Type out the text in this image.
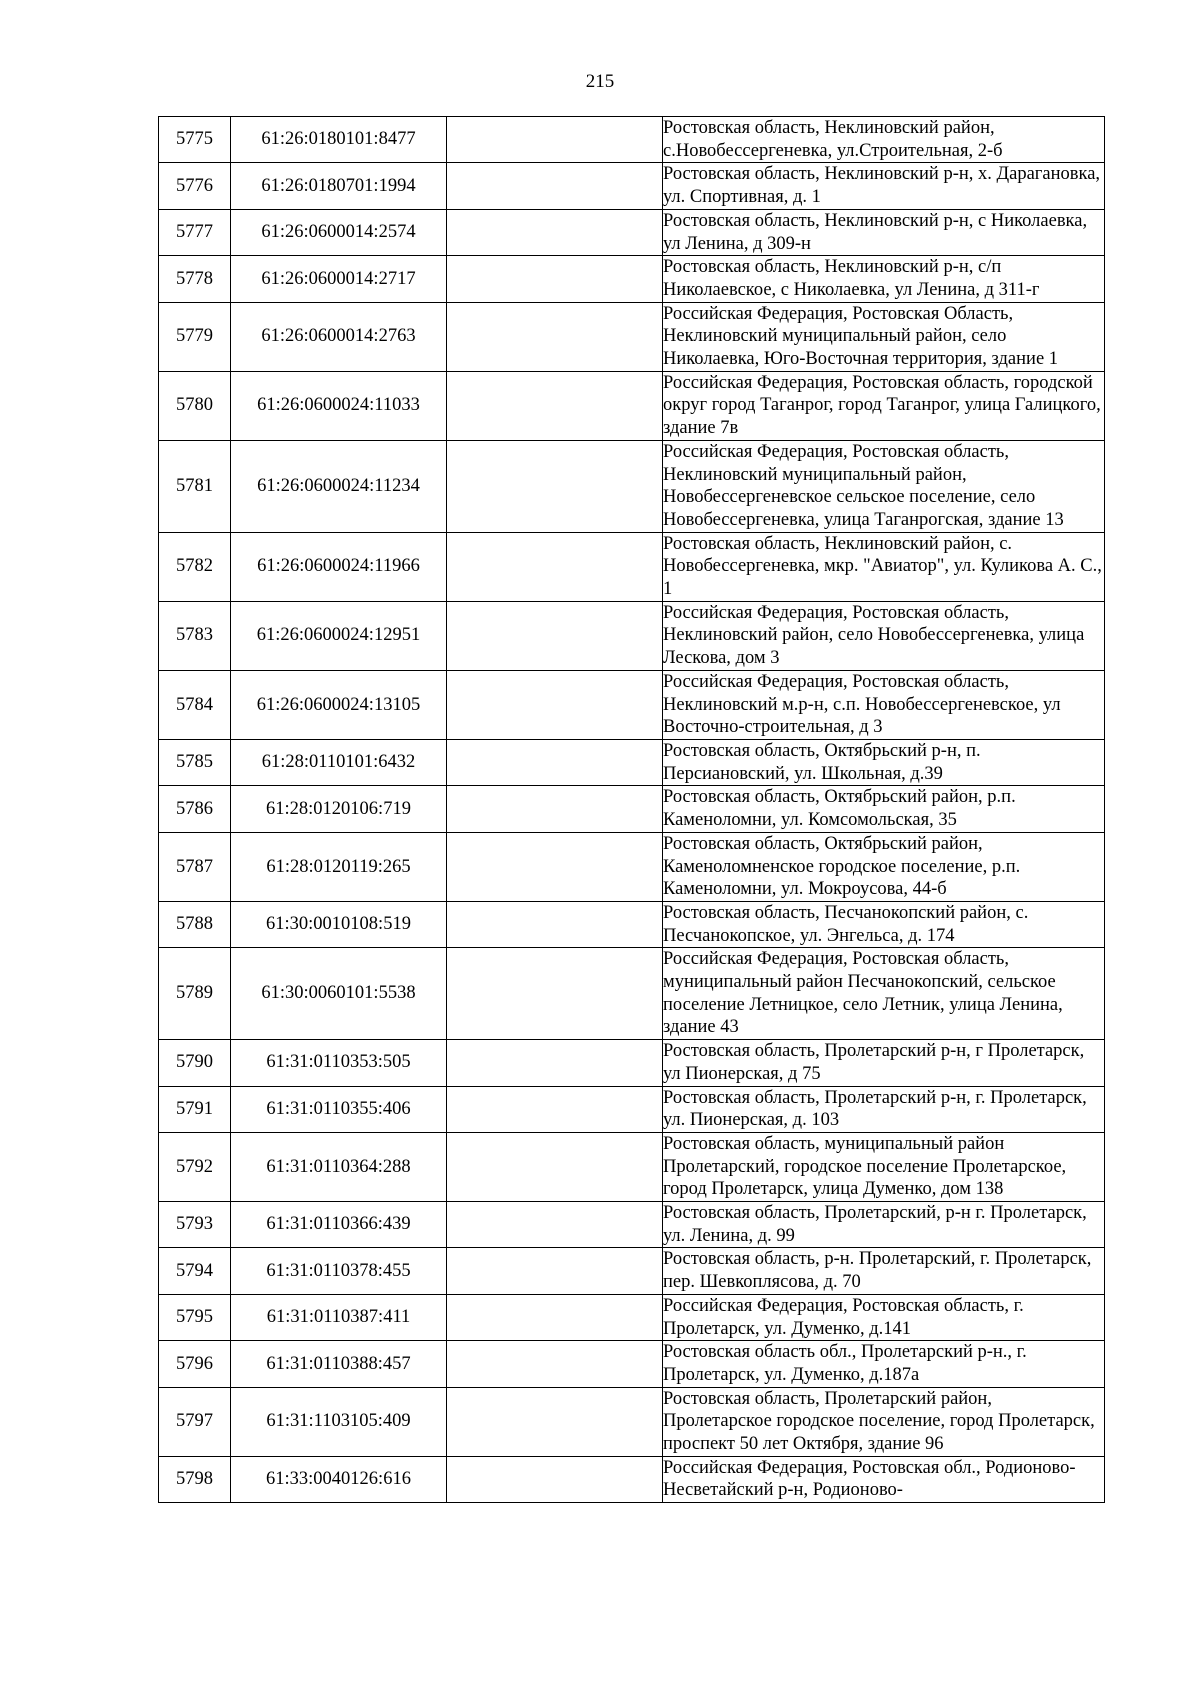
215
5775	61:26:0180101:8477		Ростовская область, Неклиновский район, с.Новобессергеневка, ул.Строительная, 2-б
5776	61:26:0180701:1994		Ростовская область, Неклиновский р-н, х. Дарагановка, ул. Спортивная, д. 1
5777	61:26:0600014:2574		Ростовская область, Неклиновский р-н, с Николаевка, ул Ленина, д 309-н
5778	61:26:0600014:2717		Ростовская область, Неклиновский р-н, с/п Николаевское, с Николаевка, ул Ленина, д 311-г
5779	61:26:0600014:2763		Российская Федерация, Ростовская Область, Неклиновский муниципальный район, село Николаевка, Юго-Восточная территория, здание 1
5780	61:26:0600024:11033		Российская Федерация, Ростовская область, городской округ город Таганрог, город Таганрог, улица Галицкого, здание 7в
5781	61:26:0600024:11234		Российская Федерация, Ростовская область, Неклиновский муниципальный район, Новобессергеневское сельское поселение, село Новобессергеневка, улица Таганрогская, здание 13
5782	61:26:0600024:11966		Ростовская область, Неклиновский район, с. Новобессергеневка, мкр. "Авиатор", ул. Куликова А. С., 1
5783	61:26:0600024:12951		Российская Федерация, Ростовская область, Неклиновский район, село Новобессергеневка, улица Лескова, дом 3
5784	61:26:0600024:13105		Российская Федерация, Ростовская область, Неклиновский м.р-н, с.п. Новобессергеневское, ул Восточно-строительная, д 3
5785	61:28:0110101:6432		Ростовская область, Октябрьский р-н, п. Персиановский, ул. Школьная, д.39
5786	61:28:0120106:719		Ростовская область, Октябрьский район, р.п. Каменоломни, ул. Комсомольская, 35
5787	61:28:0120119:265		Ростовская область, Октябрьский район, Каменоломненское городское поселение, р.п. Каменоломни, ул. Мокроусова, 44-б
5788	61:30:0010108:519		Ростовская область, Песчанокопский район, с. Песчанокопское, ул. Энгельса, д. 174
5789	61:30:0060101:5538		Российская Федерация, Ростовская область, муниципальный район Песчанокопский, сельское поселение Летницкое, село Летник, улица Ленина, здание 43
5790	61:31:0110353:505		Ростовская область, Пролетарский р-н, г Пролетарск, ул Пионерская, д 75
5791	61:31:0110355:406		Ростовская область, Пролетарский р-н, г. Пролетарск, ул. Пионерская, д. 103
5792	61:31:0110364:288		Ростовская область, муниципальный район Пролетарский, городское поселение Пролетарское, город Пролетарск, улица Думенко, дом 138
5793	61:31:0110366:439		Ростовская область, Пролетарский, р-н г. Пролетарск, ул. Ленина, д. 99
5794	61:31:0110378:455		Ростовская область, р-н. Пролетарский, г. Пролетарск, пер. Шевкоплясова, д. 70
5795	61:31:0110387:411		Российская Федерация, Ростовская область, г. Пролетарск, ул. Думенко, д.141
5796	61:31:0110388:457		Ростовская область обл., Пролетарский р-н., г. Пролетарск, ул. Думенко, д.187а
5797	61:31:1103105:409		Ростовская область, Пролетарский район, Пролетарское городское поселение, город Пролетарск, проспект 50 лет Октября, здание 96
5798	61:33:0040126:616		Российская Федерация, Ростовская обл., Родионово-Несветайский р-н, Родионово-
